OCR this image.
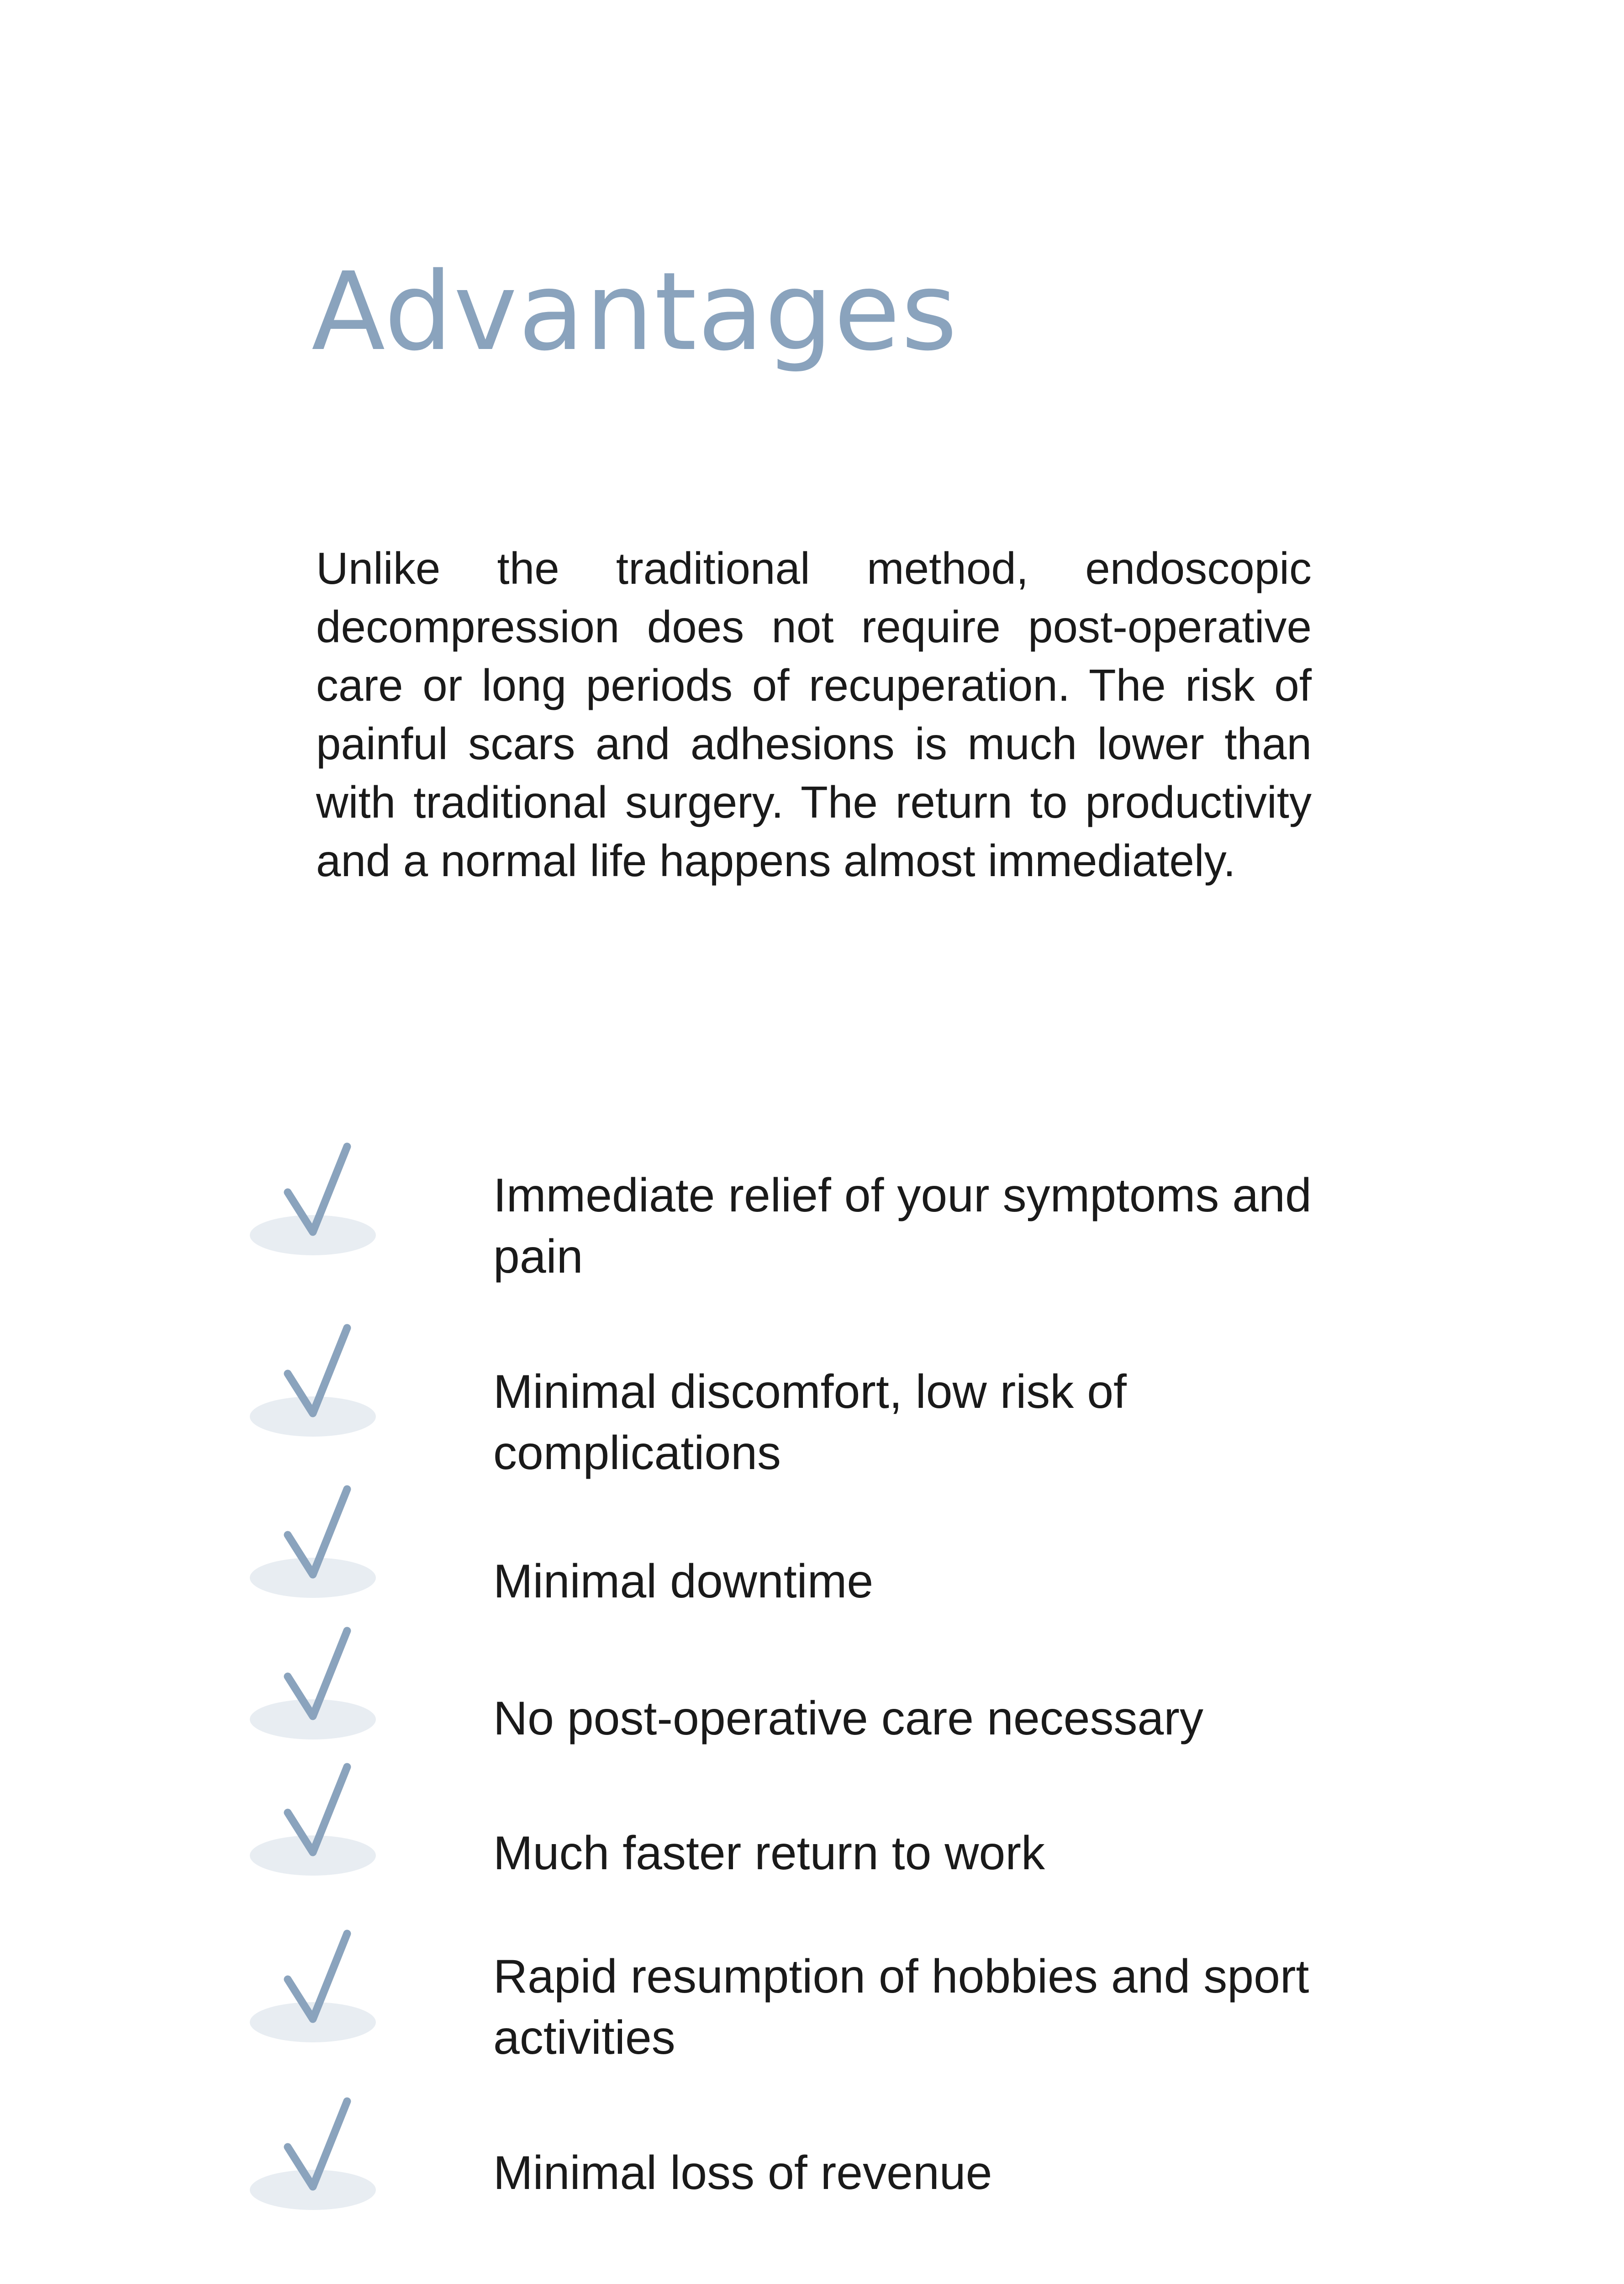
Advantages

Unlike the traditional method, endoscopic decompression does not require post-operative care or long periods of recuperation. The risk of painful scars and adhesions is much lower than with traditional surgery. The return to productivity and a normal life happens almost immediately.

Immediate relief of your symptoms and pain

Minimal discomfort, low risk of complications

Minimal downtime

No post-operative care necessary

Much faster return to work

Rapid resumption of hobbies and sport activities

Minimal loss of revenue
